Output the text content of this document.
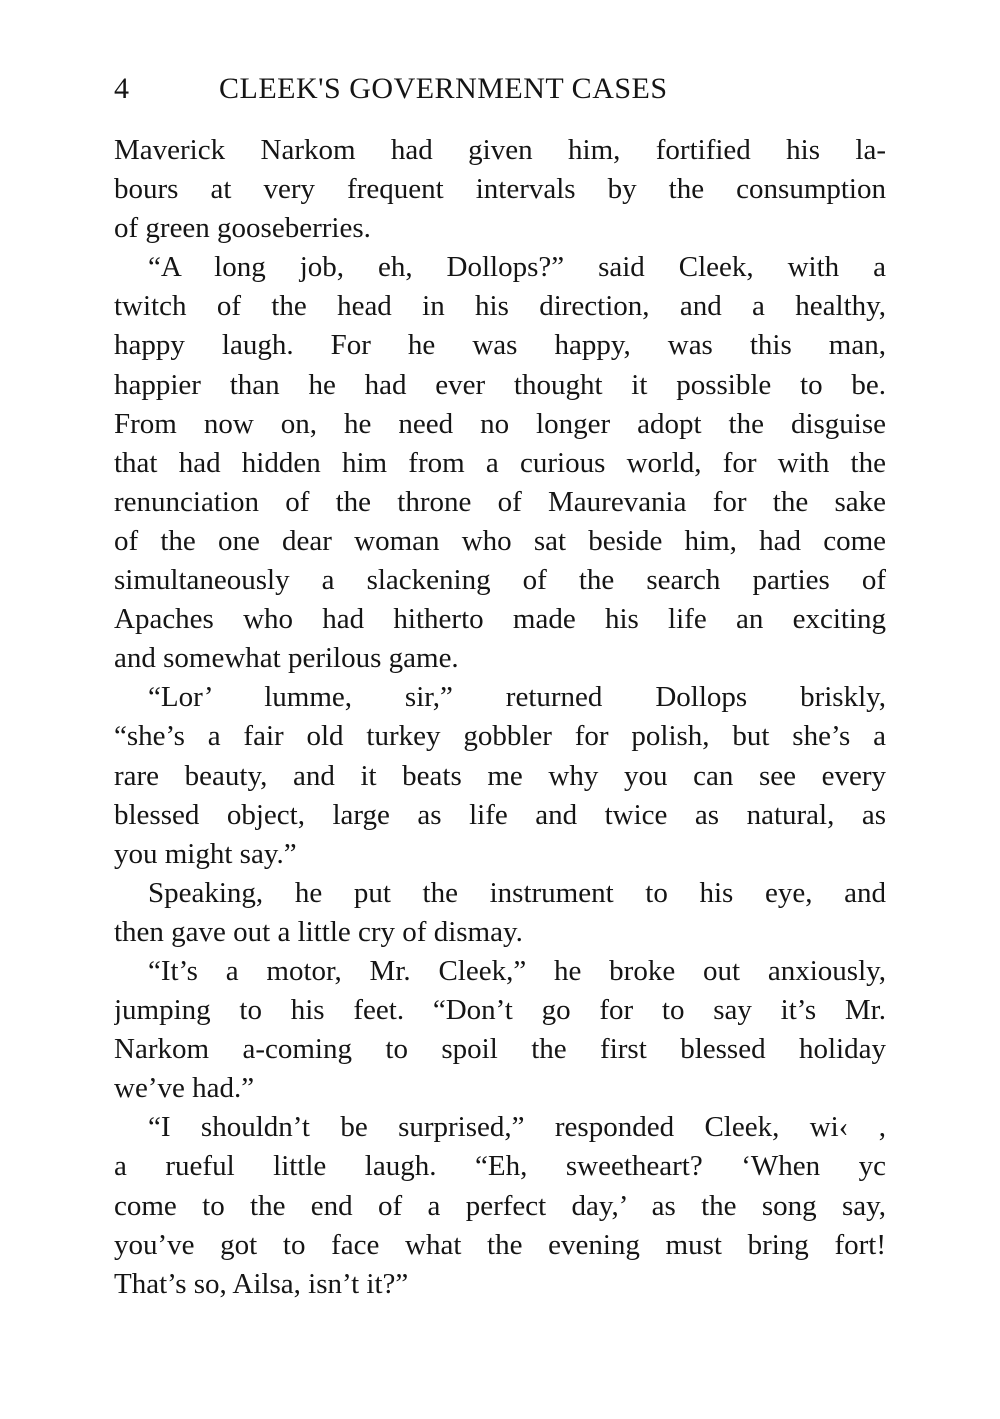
4	CLEEK'S GOVERNMENT CASES
Maverick Narkom had given him, fortified his la-
bours at very frequent intervals by the consumption
of green gooseberries.
“A long job, eh, Dollops?” said Cleek, with a
twitch of the head in his direction, and a healthy,
happy laugh. For he was happy, was this man,
happier than he had ever thought it possible to be.
From now on, he need no longer adopt the disguise
that had hidden him from a curious world, for with the
renunciation of the throne of Maurevania for the sake
of the one dear woman who sat beside him, had come
simultaneously a slackening of the search parties of
Apaches who had hitherto made his life an exciting
and somewhat perilous game.
“Lor’ lumme, sir,” returned Dollops briskly,
“she’s a fair old turkey gobbler for polish, but she’s a
rare beauty, and it beats me why you can see every
blessed object, large as life and twice as natural, as
you might say.”
Speaking, he put the instrument to his eye, and
then gave out a little cry of dismay.
“It’s a motor, Mr. Cleek,” he broke out anxiously,
jumping to his feet. “Don’t go for to say it’s Mr.
Narkom a-coming to spoil the first blessed holiday
we’ve had.”
“I shouldn’t be surprised,” responded Cleek, wi‹ ,
a rueful little laugh. “Eh, sweetheart? ‘When yc
come to the end of a perfect day,’ as the song say,
you’ve got to face what the evening must bring fort!
That’s so, Ailsa, isn’t it?”
